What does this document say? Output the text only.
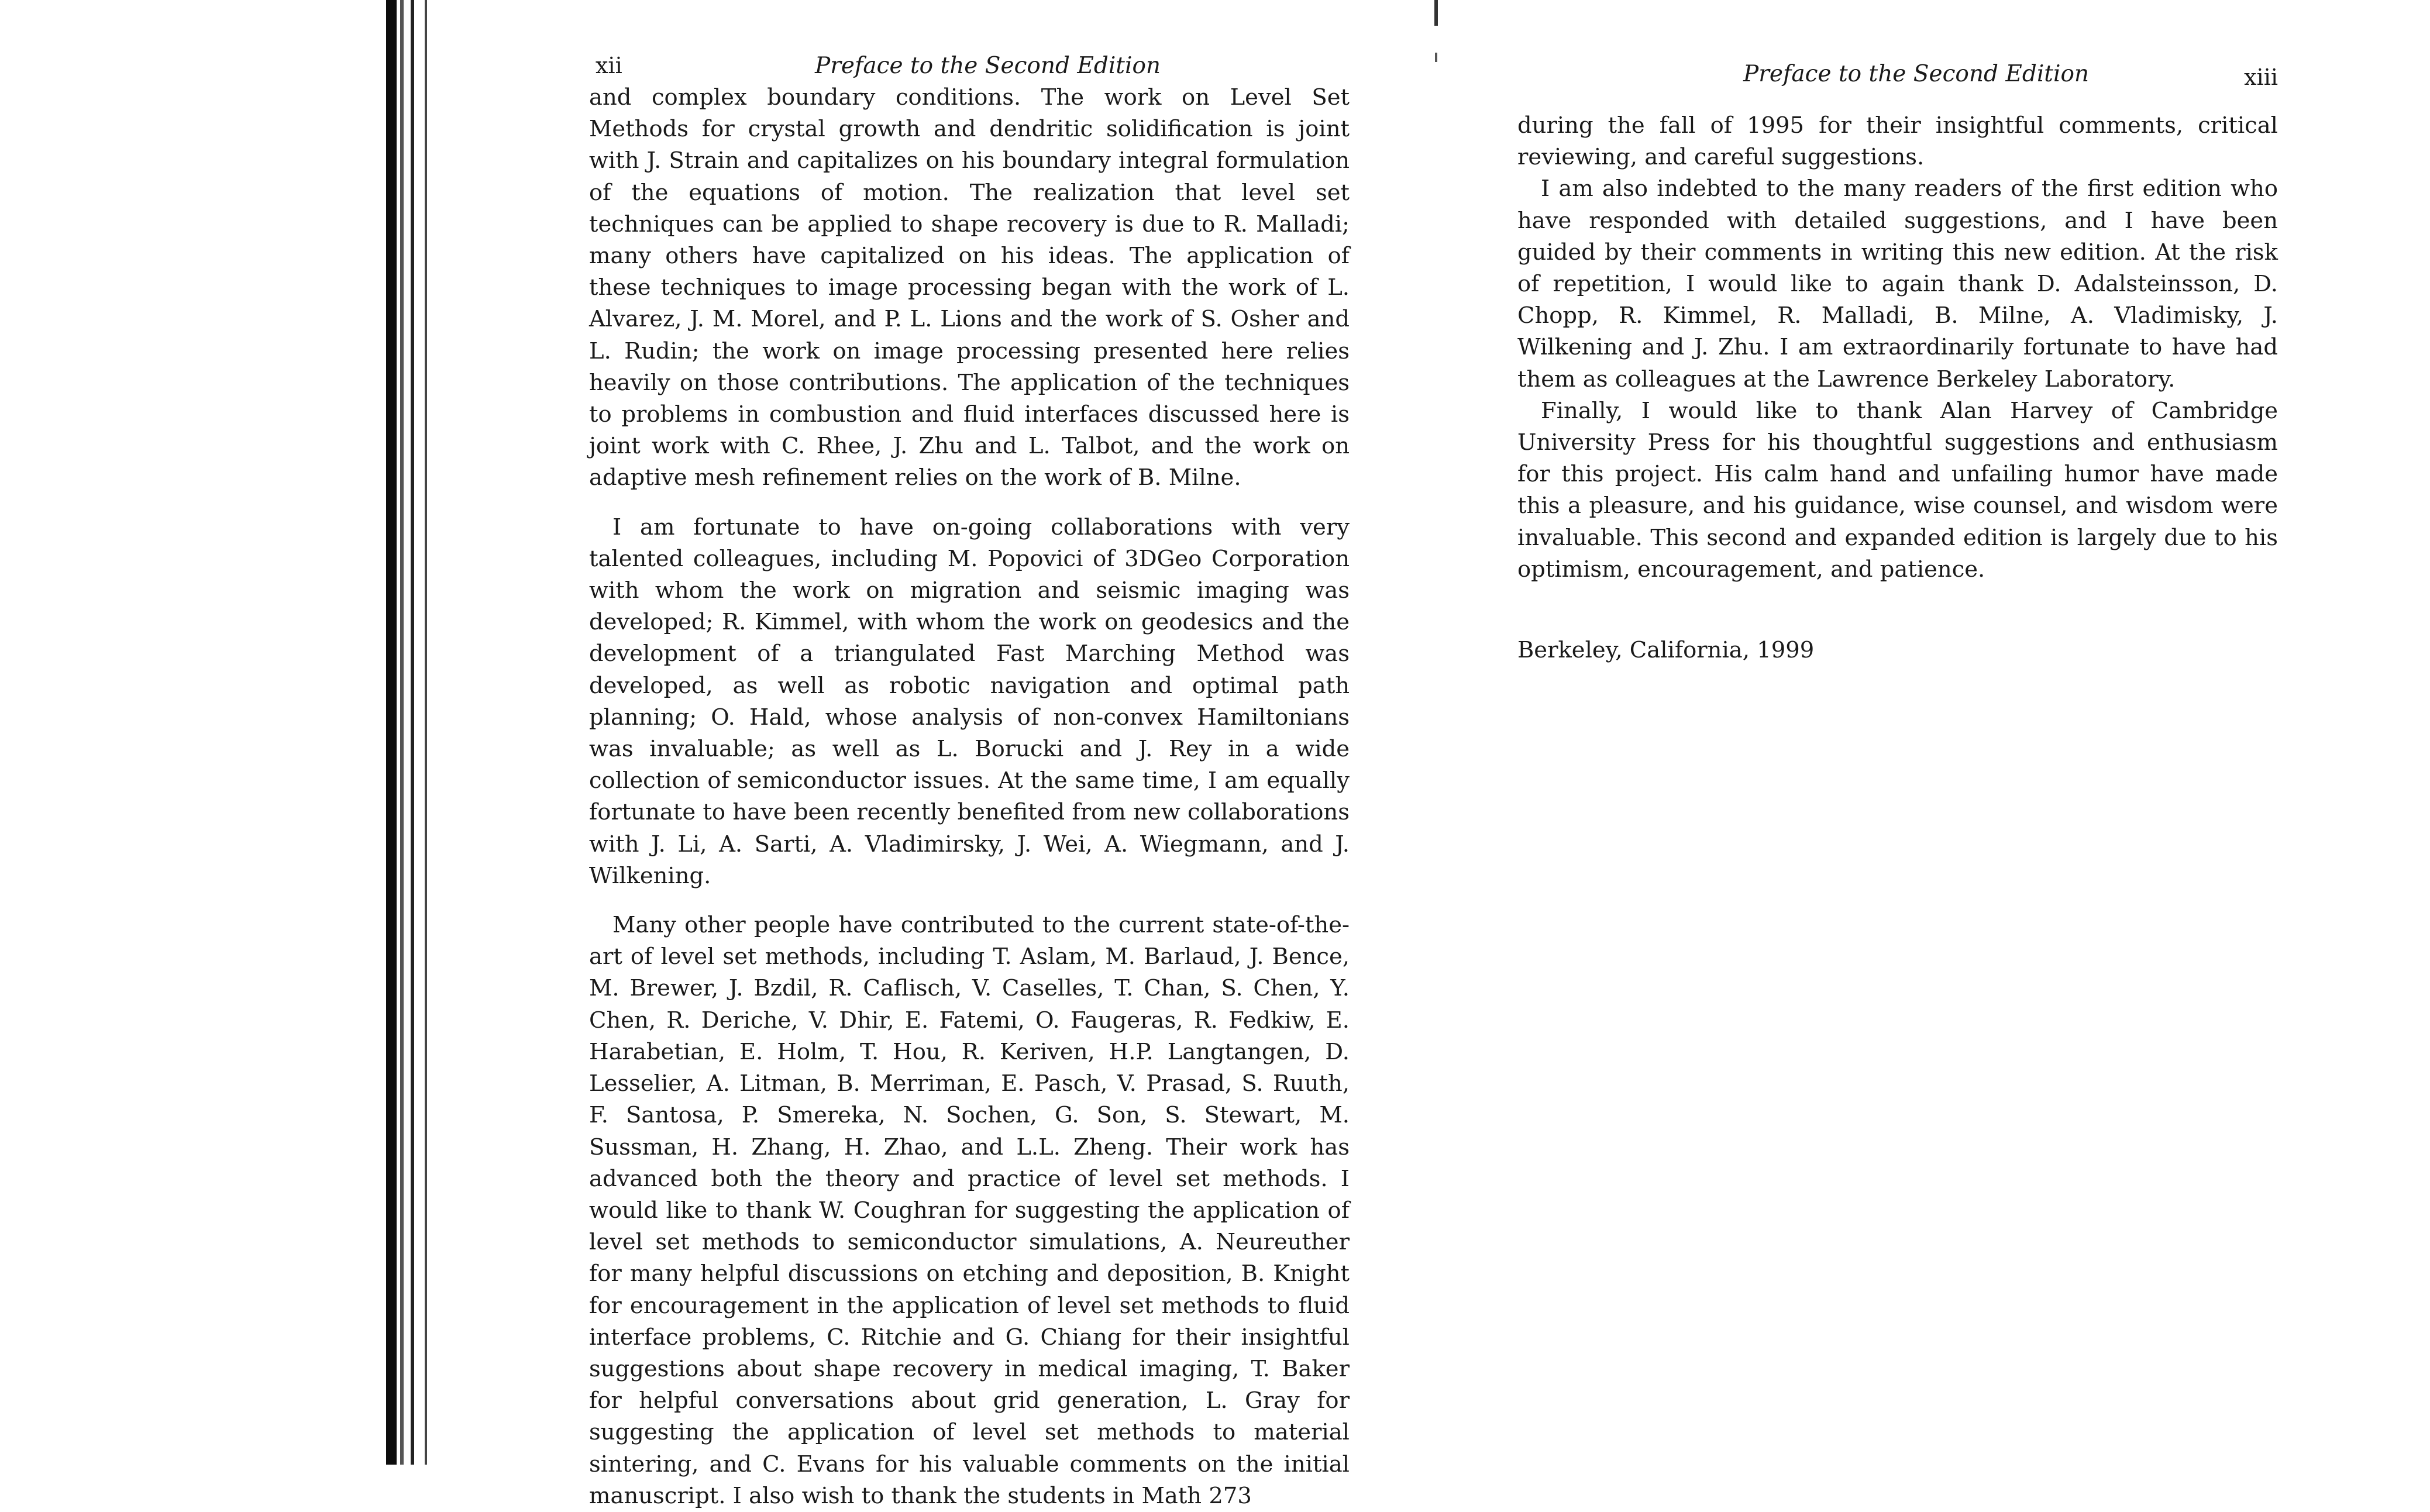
xii	Preface to the Second Edition

and complex boundary conditions. The work on Level Set Methods for crystal growth and dendritic solidification is joint with J. Strain and capitalizes on his boundary integral formulation of the equations of motion. The realization that level set techniques can be applied to shape recovery is due to R. Malladi; many others have capitalized on his ideas. The application of these techniques to image processing began with the work of L. Alvarez, J. M. Morel, and P. L. Lions and the work of S. Osher and L. Rudin; the work on image processing presented here relies heavily on those contributions. The application of the techniques to problems in combustion and fluid interfaces discussed here is joint work with C. Rhee, J. Zhu and L. Talbot, and the work on adaptive mesh refinement relies on the work of B. Milne.

I am fortunate to have on-going collaborations with very talented colleagues, including M. Popovici of 3DGeo Corporation with whom the work on migration and seismic imaging was developed; R. Kimmel, with whom the work on geodesics and the development of a triangulated Fast Marching Method was developed, as well as robotic navigation and optimal path planning; O. Hald, whose analysis of non-convex Hamiltonians was invaluable; as well as L. Borucki and J. Rey in a wide collection of semiconductor issues. At the same time, I am equally fortunate to have been recently benefited from new collaborations with J. Li, A. Sarti, A. Vladimirsky, J. Wei, A. Wiegmann, and J. Wilkening.

Many other people have contributed to the current state-of-the-art of level set methods, including T. Aslam, M. Barlaud, J. Bence, M. Brewer, J. Bzdil, R. Caflisch, V. Caselles, T. Chan, S. Chen, Y. Chen, R. Deriche, V. Dhir, E. Fatemi, O. Faugeras, R. Fedkiw, E. Harabetian, E. Holm, T. Hou, R. Keriven, H.P. Langtangen, D. Lesselier, A. Litman, B. Merriman, E. Pasch, V. Prasad, S. Ruuth, F. Santosa, P. Smereka, N. Sochen, G. Son, S. Stewart, M. Sussman, H. Zhang, H. Zhao, and L.L. Zheng. Their work has advanced both the theory and practice of level set methods. I would like to thank W. Coughran for suggesting the application of level set methods to semiconductor simulations, A. Neureuther for many helpful discussions on etching and deposition, B. Knight for encouragement in the application of level set methods to fluid interface problems, C. Ritchie and G. Chiang for their insightful suggestions about shape recovery in medical imaging, T. Baker for helpful conversations about grid generation, L. Gray for suggesting the application of level set methods to material sintering, and C. Evans for his valuable comments on the initial manuscript. I also wish to thank the students in Math 273

Preface to the Second Edition	xiii

during the fall of 1995 for their insightful comments, critical reviewing, and careful suggestions.

I am also indebted to the many readers of the first edition who have responded with detailed suggestions, and I have been guided by their comments in writing this new edition. At the risk of repetition, I would like to again thank D. Adalsteinsson, D. Chopp, R. Kimmel, R. Malladi, B. Milne, A. Vladimisky, J. Wilkening and J. Zhu. I am extraordinarily fortunate to have had them as colleagues at the Lawrence Berkeley Laboratory.

Finally, I would like to thank Alan Harvey of Cambridge University Press for his thoughtful suggestions and enthusiasm for this project. His calm hand and unfailing humor have made this a pleasure, and his guidance, wise counsel, and wisdom were invaluable. This second and expanded edition is largely due to his optimism, encouragement, and patience.

Berkeley, California, 1999
